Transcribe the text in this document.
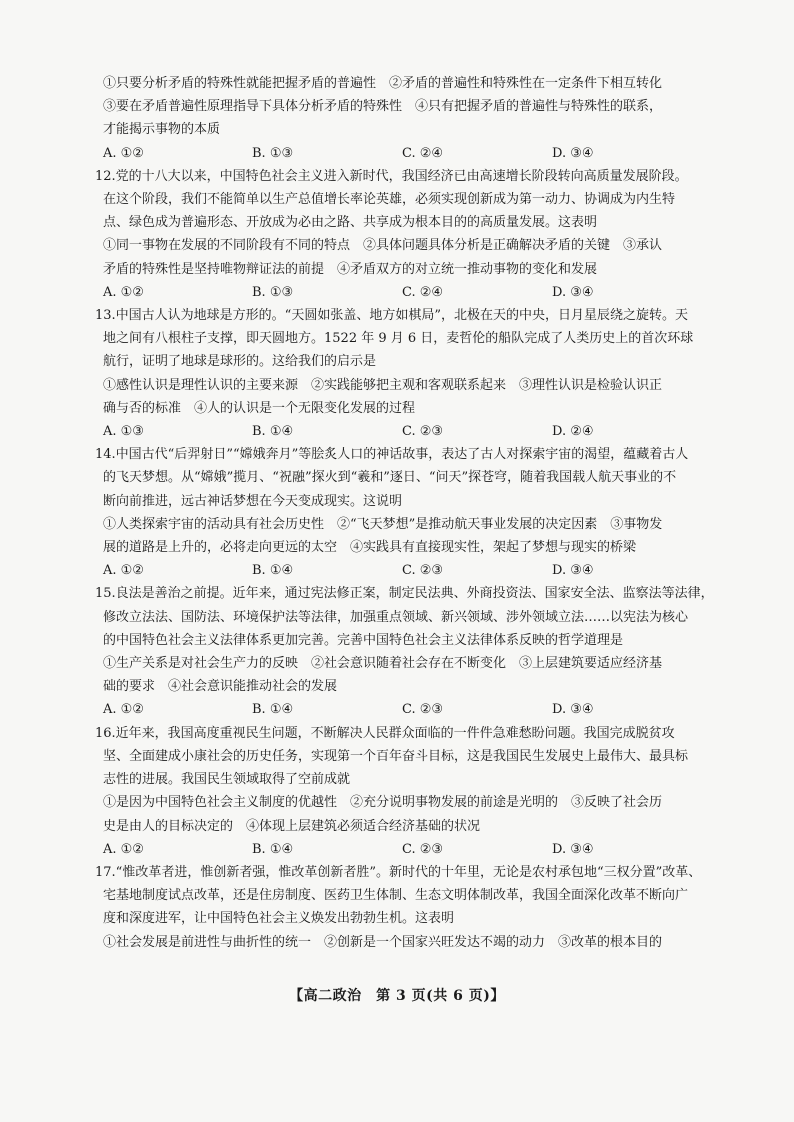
①只要分析矛盾的特殊性就能把握矛盾的普遍性　②矛盾的普遍性和特殊性在一定条件下相互转化
③要在矛盾普遍性原理指导下具体分析矛盾的特殊性　④只有把握矛盾的普遍性与特殊性的联系，
才能揭示事物的本质
A. ①②	B. ①③	C. ②④	D. ③④
12.党的十八大以来，中国特色社会主义进入新时代，我国经济已由高速增长阶段转向高质量发展阶段。
在这个阶段，我们不能简单以生产总值增长率论英雄，必须实现创新成为第一动力、协调成为内生特
点、绿色成为普遍形态、开放成为必由之路、共享成为根本目的的高质量发展。这表明
①同一事物在发展的不同阶段有不同的特点　②具体问题具体分析是正确解决矛盾的关键　③承认
矛盾的特殊性是坚持唯物辩证法的前提　④矛盾双方的对立统一推动事物的变化和发展
A. ①②	B. ①③	C. ②④	D. ③④
13.中国古人认为地球是方形的。“天圆如张盖、地方如棋局”，北极在天的中央，日月星辰绕之旋转。天
地之间有八根柱子支撑，即天圆地方。1522 年 9 月 6 日，麦哲伦的船队完成了人类历史上的首次环球
航行，证明了地球是球形的。这给我们的启示是
①感性认识是理性认识的主要来源　②实践能够把主观和客观联系起来　③理性认识是检验认识正
确与否的标准　④人的认识是一个无限变化发展的过程
A. ①③	B. ①④	C. ②③	D. ②④
14.中国古代“后羿射日”“嫦娥奔月”等脍炙人口的神话故事，表达了古人对探索宇宙的渴望，蕴藏着古人
的飞天梦想。从“嫦娥”揽月、“祝融”探火到“羲和”逐日、“问天”探苍穹，随着我国载人航天事业的不
断向前推进，远古神话梦想在今天变成现实。这说明
①人类探索宇宙的活动具有社会历史性　②“飞天梦想”是推动航天事业发展的决定因素　③事物发
展的道路是上升的，必将走向更远的太空　④实践具有直接现实性，架起了梦想与现实的桥梁
A. ①②	B. ①④	C. ②③	D. ③④
15.良法是善治之前提。近年来，通过宪法修正案，制定民法典、外商投资法、国家安全法、监察法等法律，
修改立法法、国防法、环境保护法等法律，加强重点领域、新兴领域、涉外领域立法……以宪法为核心
的中国特色社会主义法律体系更加完善。完善中国特色社会主义法律体系反映的哲学道理是
①生产关系是对社会生产力的反映　②社会意识随着社会存在不断变化　③上层建筑要适应经济基
础的要求　④社会意识能推动社会的发展
A. ①②	B. ①④	C. ②③	D. ③④
16.近年来，我国高度重视民生问题，不断解决人民群众面临的一件件急难愁盼问题。我国完成脱贫攻
坚、全面建成小康社会的历史任务，实现第一个百年奋斗目标，这是我国民生发展史上最伟大、最具标
志性的进展。我国民生领域取得了空前成就
①是因为中国特色社会主义制度的优越性　②充分说明事物发展的前途是光明的　③反映了社会历
史是由人的目标决定的　④体现上层建筑必须适合经济基础的状况
A. ①②	B. ①④	C. ②③	D. ③④
17.“惟改革者进，惟创新者强，惟改革创新者胜”。新时代的十年里，无论是农村承包地“三权分置”改革、
宅基地制度试点改革，还是住房制度、医药卫生体制、生态文明体制改革，我国全面深化改革不断向广
度和深度进军，让中国特色社会主义焕发出勃勃生机。这表明
①社会发展是前进性与曲折性的统一　②创新是一个国家兴旺发达不竭的动力　③改革的根本目的
【高二政治　第 3 页(共 6 页)】
